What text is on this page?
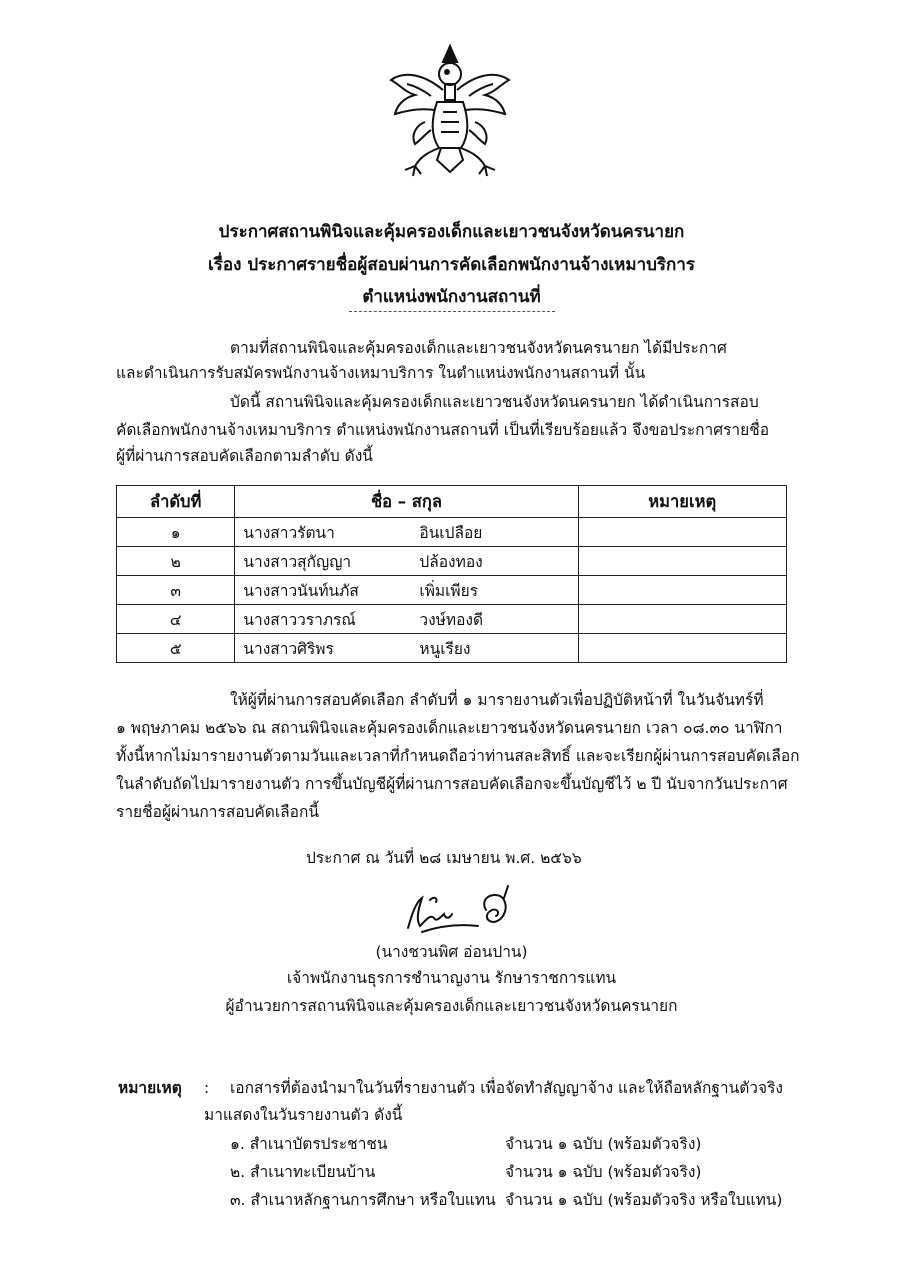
ประกาศสถานพินิจและคุ้มครองเด็กและเยาวชนจังหวัดนครนายก
เรื่อง ประกาศรายชื่อผู้สอบผ่านการคัดเลือกพนักงานจ้างเหมาบริการ
ตำแหน่งพนักงานสถานที่
ตามที่สถานพินิจและคุ้มครองเด็กและเยาวชนจังหวัดนครนายก ได้มีประกาศ
และดำเนินการรับสมัครพนักงานจ้างเหมาบริการ ในตำแหน่งพนักงานสถานที่ นั้น
บัดนี้ สถานพินิจและคุ้มครองเด็กและเยาวชนจังหวัดนครนายก ได้ดำเนินการสอบ
คัดเลือกพนักงานจ้างเหมาบริการ ตำแหน่งพนักงานสถานที่ เป็นที่เรียบร้อยแล้ว จึงขอประกาศรายชื่อ
ผู้ที่ผ่านการสอบคัดเลือกตามลำดับ ดังนี้
ลำดับที่	ชื่อ – สกุล	หมายเหตุ
๑	นางสาวรัตนา อินเปลือย	
๒	นางสาวสุกัญญา ปล้องทอง	
๓	นางสาวนันท์นภัส เพิ่มเพียร	
๔	นางสาววราภรณ์ วงษ์ทองดี	
๕	นางสาวศิริพร หนูเรียง	
ให้ผู้ที่ผ่านการสอบคัดเลือก ลำดับที่ ๑ มารายงานตัวเพื่อปฏิบัติหน้าที่ ในวันจันทร์ที่
๑ พฤษภาคม ๒๕๖๖ ณ สถานพินิจและคุ้มครองเด็กและเยาวชนจังหวัดนครนายก เวลา ๐๘.๓๐ นาฬิกา
ทั้งนี้หากไม่มารายงานตัวตามวันและเวลาที่กำหนดถือว่าท่านสละสิทธิ์ และจะเรียกผู้ผ่านการสอบคัดเลือก
ในลำดับถัดไปมารายงานตัว การขึ้นบัญชีผู้ที่ผ่านการสอบคัดเลือกจะขึ้นบัญชีไว้ ๒ ปี นับจากวันประกาศ
รายชื่อผู้ผ่านการสอบคัดเลือกนี้
ประกาศ ณ วันที่ ๒๘ เมษายน พ.ศ. ๒๕๖๖
(นางชวนพิศ อ่อนปาน)
เจ้าพนักงานธุรการชำนาญงาน รักษาราชการแทน
ผู้อำนวยการสถานพินิจและคุ้มครองเด็กและเยาวชนจังหวัดนครนายก
หมายเหตุ : เอกสารที่ต้องนำมาในวันที่รายงานตัว เพื่อจัดทำสัญญาจ้าง และให้ถือหลักฐานตัวจริง
มาแสดงในวันรายงานตัว ดังนี้
๑. สำเนาบัตรประชาชน	จำนวน ๑ ฉบับ (พร้อมตัวจริง)
๒. สำเนาทะเบียนบ้าน	จำนวน ๑ ฉบับ (พร้อมตัวจริง)
๓. สำเนาหลักฐานการศึกษา หรือใบแทน จำนวน ๑ ฉบับ (พร้อมตัวจริง หรือใบแทน)
